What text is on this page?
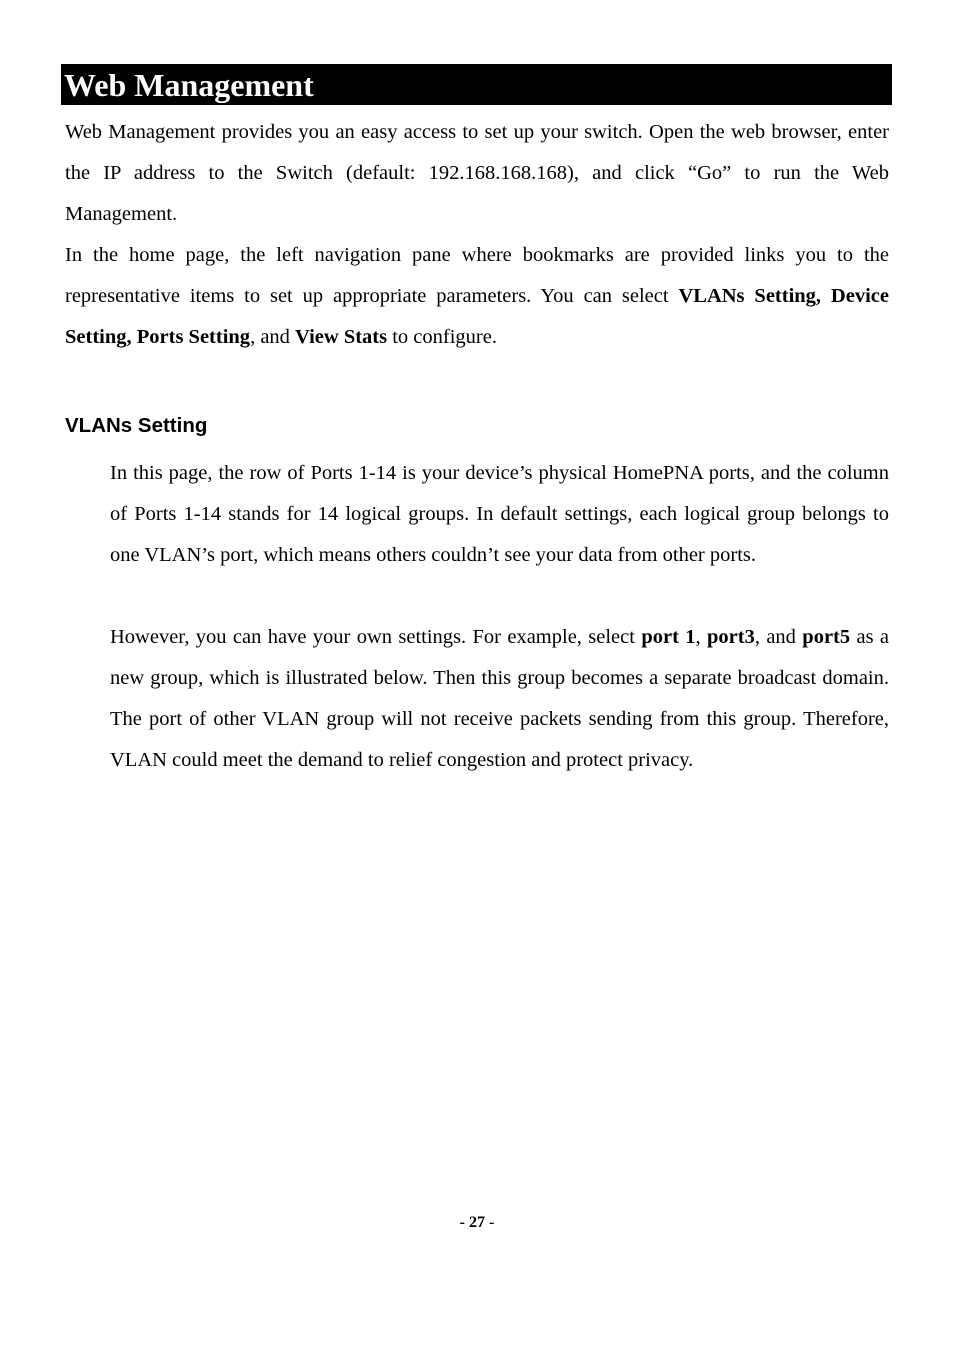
Web Management

Web Management provides you an easy access to set up your switch. Open the web browser, enter the IP address to the Switch (default: 192.168.168.168), and click “Go” to run the Web Management.

In the home page, the left navigation pane where bookmarks are provided links you to the representative items to set up appropriate parameters. You can select VLANs Setting, Device Setting, Ports Setting, and View Stats to configure.

VLANs Setting

In this page, the row of Ports 1-14 is your device’s physical HomePNA ports, and the column of Ports 1-14 stands for 14 logical groups. In default settings, each logical group belongs to one VLAN’s port, which means others couldn’t see your data from other ports.

However, you can have your own settings. For example, select port 1, port3, and port5 as a new group, which is illustrated below. Then this group becomes a separate broadcast domain. The port of other VLAN group will not receive packets sending from this group. Therefore, VLAN could meet the demand to relief congestion and protect privacy.

- 27 -
